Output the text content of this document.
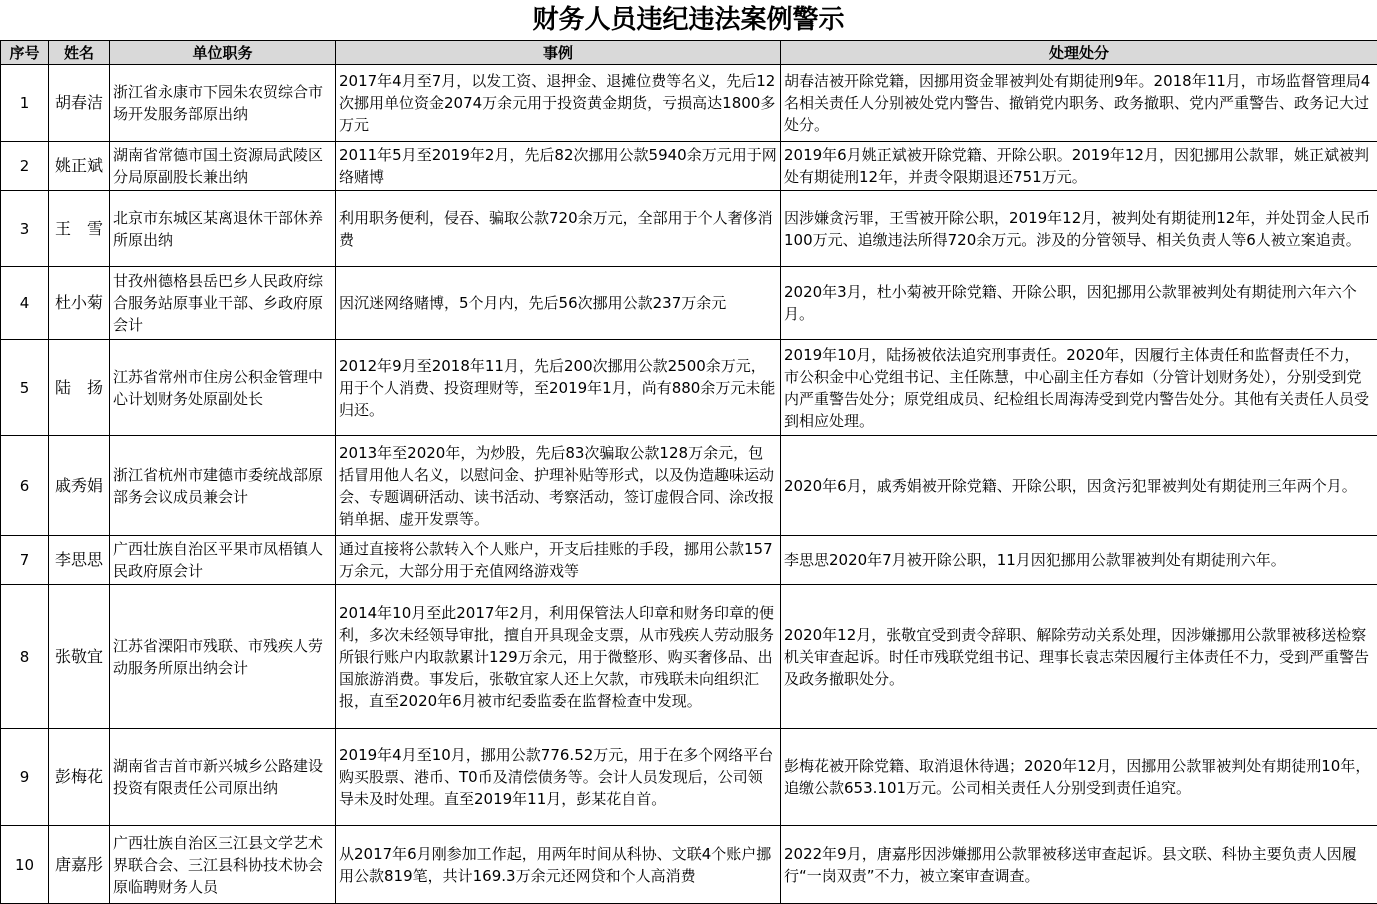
财务人员违纪违法案例警示
序号	姓名	单位职务	事例	处理处分
1	胡春洁	浙江省永康市下园朱农贸综合市场开发服务部原出纳	2017年4月至7月，以发工资、退押金、退摊位费等名义，先后12次挪用单位资金2074万余元用于投资黄金期货，亏损高达1800多万元	胡春洁被开除党籍，因挪用资金罪被判处有期徒刑9年。2018年11月，市场监督管理局4名相关责任人分别被处党内警告、撤销党内职务、政务撤职、党内严重警告、政务记大过处分。
2	姚正斌	湖南省常德市国土资源局武陵区分局原副股长兼出纳	2011年5月至2019年2月，先后82次挪用公款5940余万元用于网络赌博	2019年6月姚正斌被开除党籍、开除公职。2019年12月，因犯挪用公款罪，姚正斌被判处有期徒刑12年，并责令限期退还751万元。
3	王　雪	北京市东城区某离退休干部休养所原出纳	利用职务便利，侵吞、骗取公款720余万元，全部用于个人奢侈消费	因涉嫌贪污罪，王雪被开除公职，2019年12月，被判处有期徒刑12年，并处罚金人民币100万元、追缴违法所得720余万元。涉及的分管领导、相关负责人等6人被立案追责。
4	杜小菊	甘孜州德格县岳巴乡人民政府综合服务站原事业干部、乡政府原会计	因沉迷网络赌博，5个月内，先后56次挪用公款237万余元	2020年3月，杜小菊被开除党籍、开除公职，因犯挪用公款罪被判处有期徒刑六年六个月。
5	陆　扬	江苏省常州市住房公积金管理中心计划财务处原副处长	2012年9月至2018年11月，先后200次挪用公款2500余万元，用于个人消费、投资理财等，至2019年1月，尚有880余万元未能归还。	2019年10月，陆扬被依法追究刑事责任。2020年，因履行主体责任和监督责任不力，市公积金中心党组书记、主任陈慧，中心副主任方春如（分管计划财务处），分别受到党内严重警告处分；原党组成员、纪检组长周海涛受到党内警告处分。其他有关责任人员受到相应处理。
6	戚秀娟	浙江省杭州市建德市委统战部原部务会议成员兼会计	2013年至2020年，为炒股，先后83次骗取公款128万余元，包括冒用他人名义，以慰问金、护理补贴等形式，以及伪造趣味运动会、专题调研活动、读书活动、考察活动，签订虚假合同、涂改报销单据、虚开发票等。	2020年6月，戚秀娟被开除党籍、开除公职，因贪污犯罪被判处有期徒刑三年两个月。
7	李思思	广西壮族自治区平果市凤梧镇人民政府原会计	通过直接将公款转入个人账户，开支后挂账的手段，挪用公款157万余元，大部分用于充值网络游戏等	李思思2020年7月被开除公职，11月因犯挪用公款罪被判处有期徒刑六年。
8	张敬宜	江苏省溧阳市残联、市残疾人劳动服务所原出纳会计	2014年10月至此2017年2月，利用保管法人印章和财务印章的便利，多次未经领导审批，擅自开具现金支票，从市残疾人劳动服务所银行账户内取款累计129万余元，用于微整形、购买奢侈品、出国旅游消费。事发后，张敬宜家人还上欠款，市残联未向组织汇报，直至2020年6月被市纪委监委在监督检查中发现。	2020年12月，张敬宜受到责令辞职、解除劳动关系处理，因涉嫌挪用公款罪被移送检察机关审查起诉。时任市残联党组书记、理事长袁志荣因履行主体责任不力，受到严重警告及政务撤职处分。
9	彭梅花	湖南省吉首市新兴城乡公路建设投资有限责任公司原出纳	2019年4月至10月，挪用公款776.52万元，用于在多个网络平台购买股票、港币、T0币及清偿债务等。会计人员发现后，公司领导未及时处理。直至2019年11月，彭某花自首。	彭梅花被开除党籍、取消退休待遇；2020年12月，因挪用公款罪被判处有期徒刑10年，追缴公款653.101万元。公司相关责任人分别受到责任追究。
10	唐嘉彤	广西壮族自治区三江县文学艺术界联合会、三江县科协技术协会原临聘财务人员	从2017年6月刚参加工作起，用两年时间从科协、文联4个账户挪用公款819笔，共计169.3万余元还网贷和个人高消费	2022年9月，唐嘉彤因涉嫌挪用公款罪被移送审查起诉。县文联、科协主要负责人因履行“一岗双责”不力，被立案审查调查。
